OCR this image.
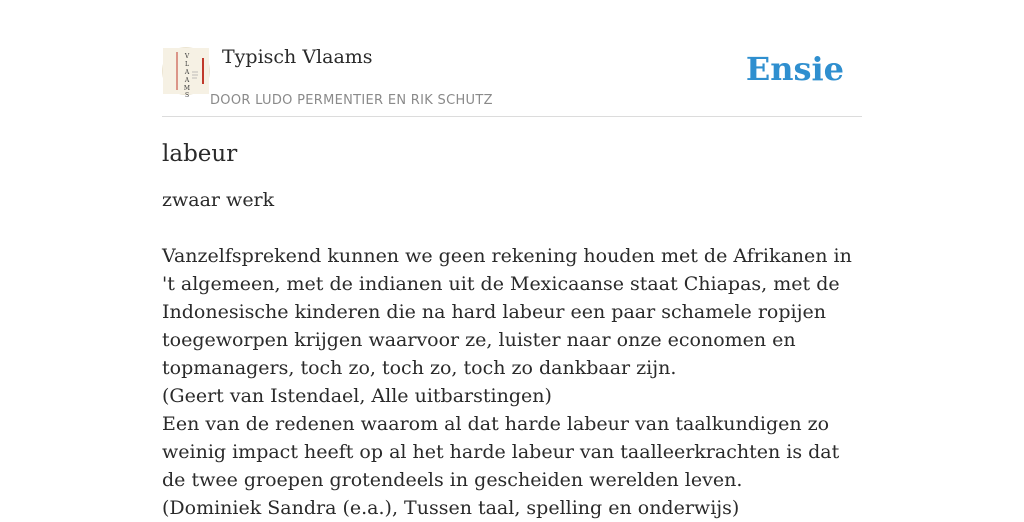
V
L
A
A
M
S
Typisch Vlaams
DOOR LUDO PERMENTIER EN RIK SCHUTZ
Ensie
labeur
zwaar werk

Vanzelfsprekend kunnen we geen rekening houden met de Afrikanen in 't algemeen, met de indianen uit de Mexicaanse staat Chiapas, met de Indonesische kinderen die na hard labeur een paar schamele ropijen toegeworpen krijgen waarvoor ze, luister naar onze economen en topmanagers, toch zo, toch zo, toch zo dankbaar zijn.

(Geert van Istendael, Alle uitbarstingen)

Een van de redenen waarom al dat harde labeur van taalkundigen zo weinig impact heeft op al het harde labeur van taalleerkrachten is dat de twee groepen grotendeels in gescheiden werelden leven.

(Dominiek Sandra (e.a.), Tussen taal, spelling en onderwijs)
